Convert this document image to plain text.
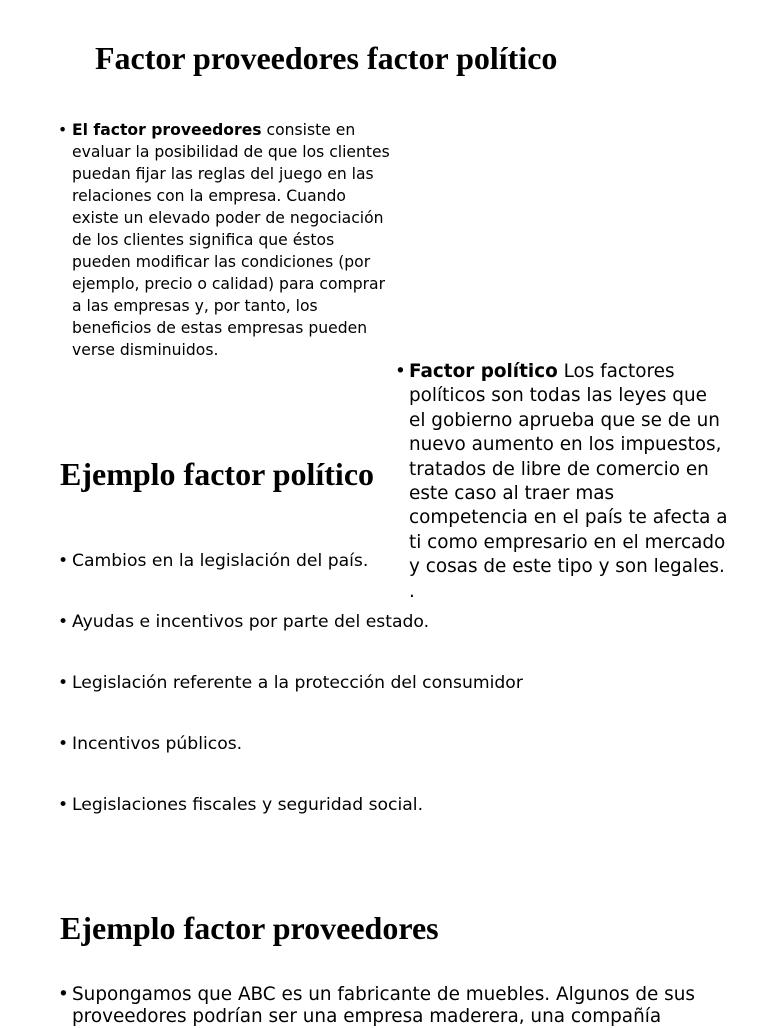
Factor proveedores factor político
• El factor proveedores consiste en evaluar la posibilidad de que los clientes puedan fijar las reglas del juego en las relaciones con la empresa. Cuando existe un elevado poder de negociación de los clientes significa que éstos pueden modificar las condiciones (por ejemplo, precio o calidad) para comprar a las empresas y, por tanto, los beneficios de estas empresas pueden verse disminuidos.
• Factor político Los factores políticos son todas las leyes que el gobierno aprueba que se de un nuevo aumento en los impuestos, tratados de libre de comercio en este caso al traer mas competencia en el país te afecta a ti como empresario en el mercado y cosas de este tipo y son legales. .
Ejemplo factor político
• Cambios en la legislación del país.
• Ayudas e incentivos por parte del estado.
• Legislación referente a la protección del consumidor
• Incentivos públicos.
• Legislaciones fiscales y seguridad social.
Ejemplo factor proveedores
• Supongamos que ABC es un fabricante de muebles. Algunos de sus proveedores podrían ser una empresa maderera, una compañía
